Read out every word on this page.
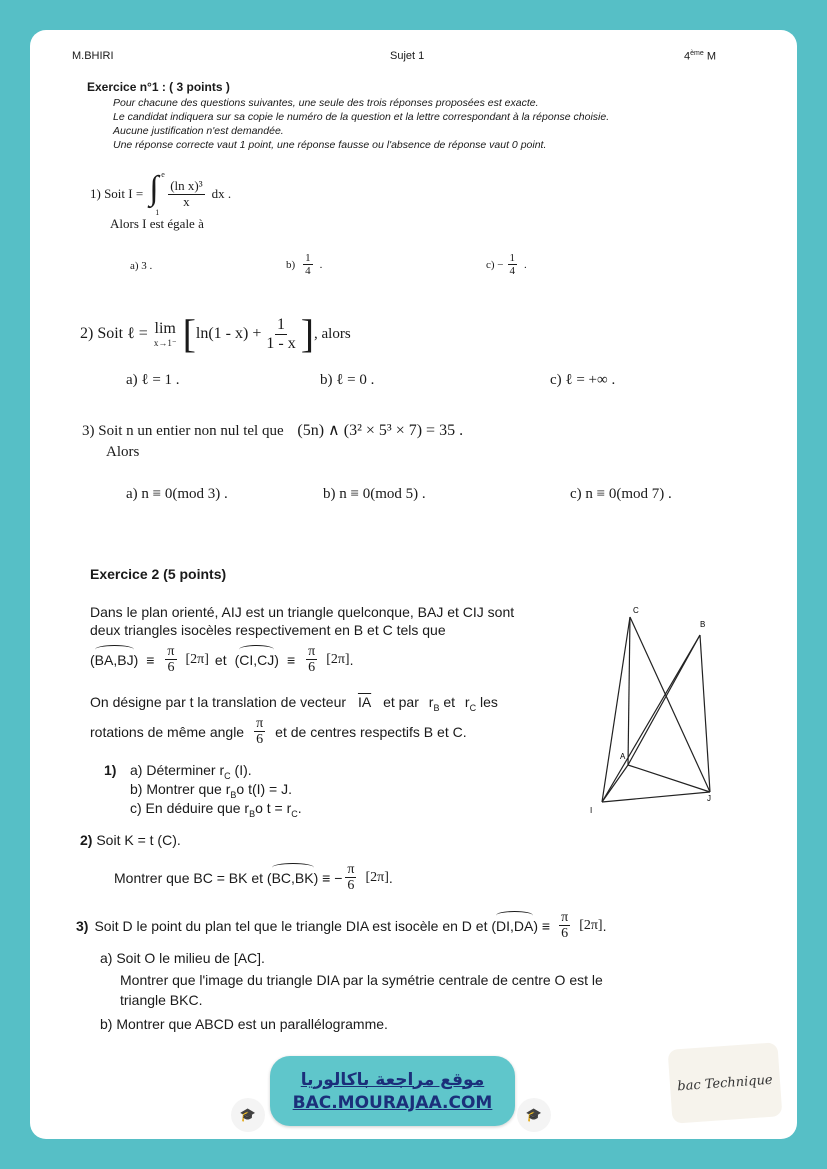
M.BHIRI	Sujet 1	4ème M
Exercice n°1 : ( 3 points )
Pour chacune des questions suivantes, une seule des trois réponses proposées est exacte.
Le candidat indiquera sur sa copie le numéro de la question et la lettre correspondant à la réponse choisie.
Aucune justification n'est demandée.
Une réponse correcte vaut 1 point, une réponse fausse ou l'absence de réponse vaut 0 point.
1) Soit I = ∫ e
1
$\frac{\text{(ln x)³}}{x}$ dx .
Alors I est égale à
a) 3 .	$b) \frac{1}{4}$ .	$c) - \frac{1}{4}$ .
2) Soit ℓ = lim
x→1⁻ [ $\ln(1 - x) + \frac{1}{1 - x}$ ] , alors
a) ℓ = 1 .	b) ℓ = 0 .	c) ℓ = +∞ .
3) Soit n un entier non nul tel que (5n) ∧ (3² × 5³ × 7) = 35 .
Alors
a) n ≡ 0(mod 3) .	b) n ≡ 0(mod 5) .	c) n ≡ 0(mod 7) .
Exercice 2 (5 points)
Dans le plan orienté, AIJ est un triangle quelconque, BAJ et CIJ sont
deux triangles isocèles respectivement en B et C tels que
( BA,BJ ) ≡ $\frac{\pi}{6} [2\pi]$ et ( CI,CJ ) ≡ $\frac{\pi}{6} [2\pi]$ .
On désigne par t la translation de vecteur $\overline{IA}$ et par $r_B$ et $r_C$ les
rotations de même angle $\frac{\pi}{6}$ et de centres respectifs B et C.
1) a) Déterminer $r_C$ (I).
b) Montrer que $r_Bo$ t(I) = J.
c) En déduire que $r_Bo$ $t = r_C$.
2) Soit K = t (C).
Montrer que BC = BK et ( BC,BK ) ≡ − $\frac{\pi}{6} [2\pi]$ .
3) Soit D le point du plan tel que le triangle DIA est isocèle en D et ( DI,DA ) ≡ $\frac{\pi}{6} [2\pi]$ .
a) Soit O le milieu de [AC].
Montrer que l'image du triangle DIA par la symétrie centrale de centre O est le
triangle BKC.
b) Montrer que ABCD est un parallélogramme.
C
B
A
I
J
🎓
موقع مراجعة باكالوريا
BAC.MOURAJAA.COM
🎓
bac Technique
